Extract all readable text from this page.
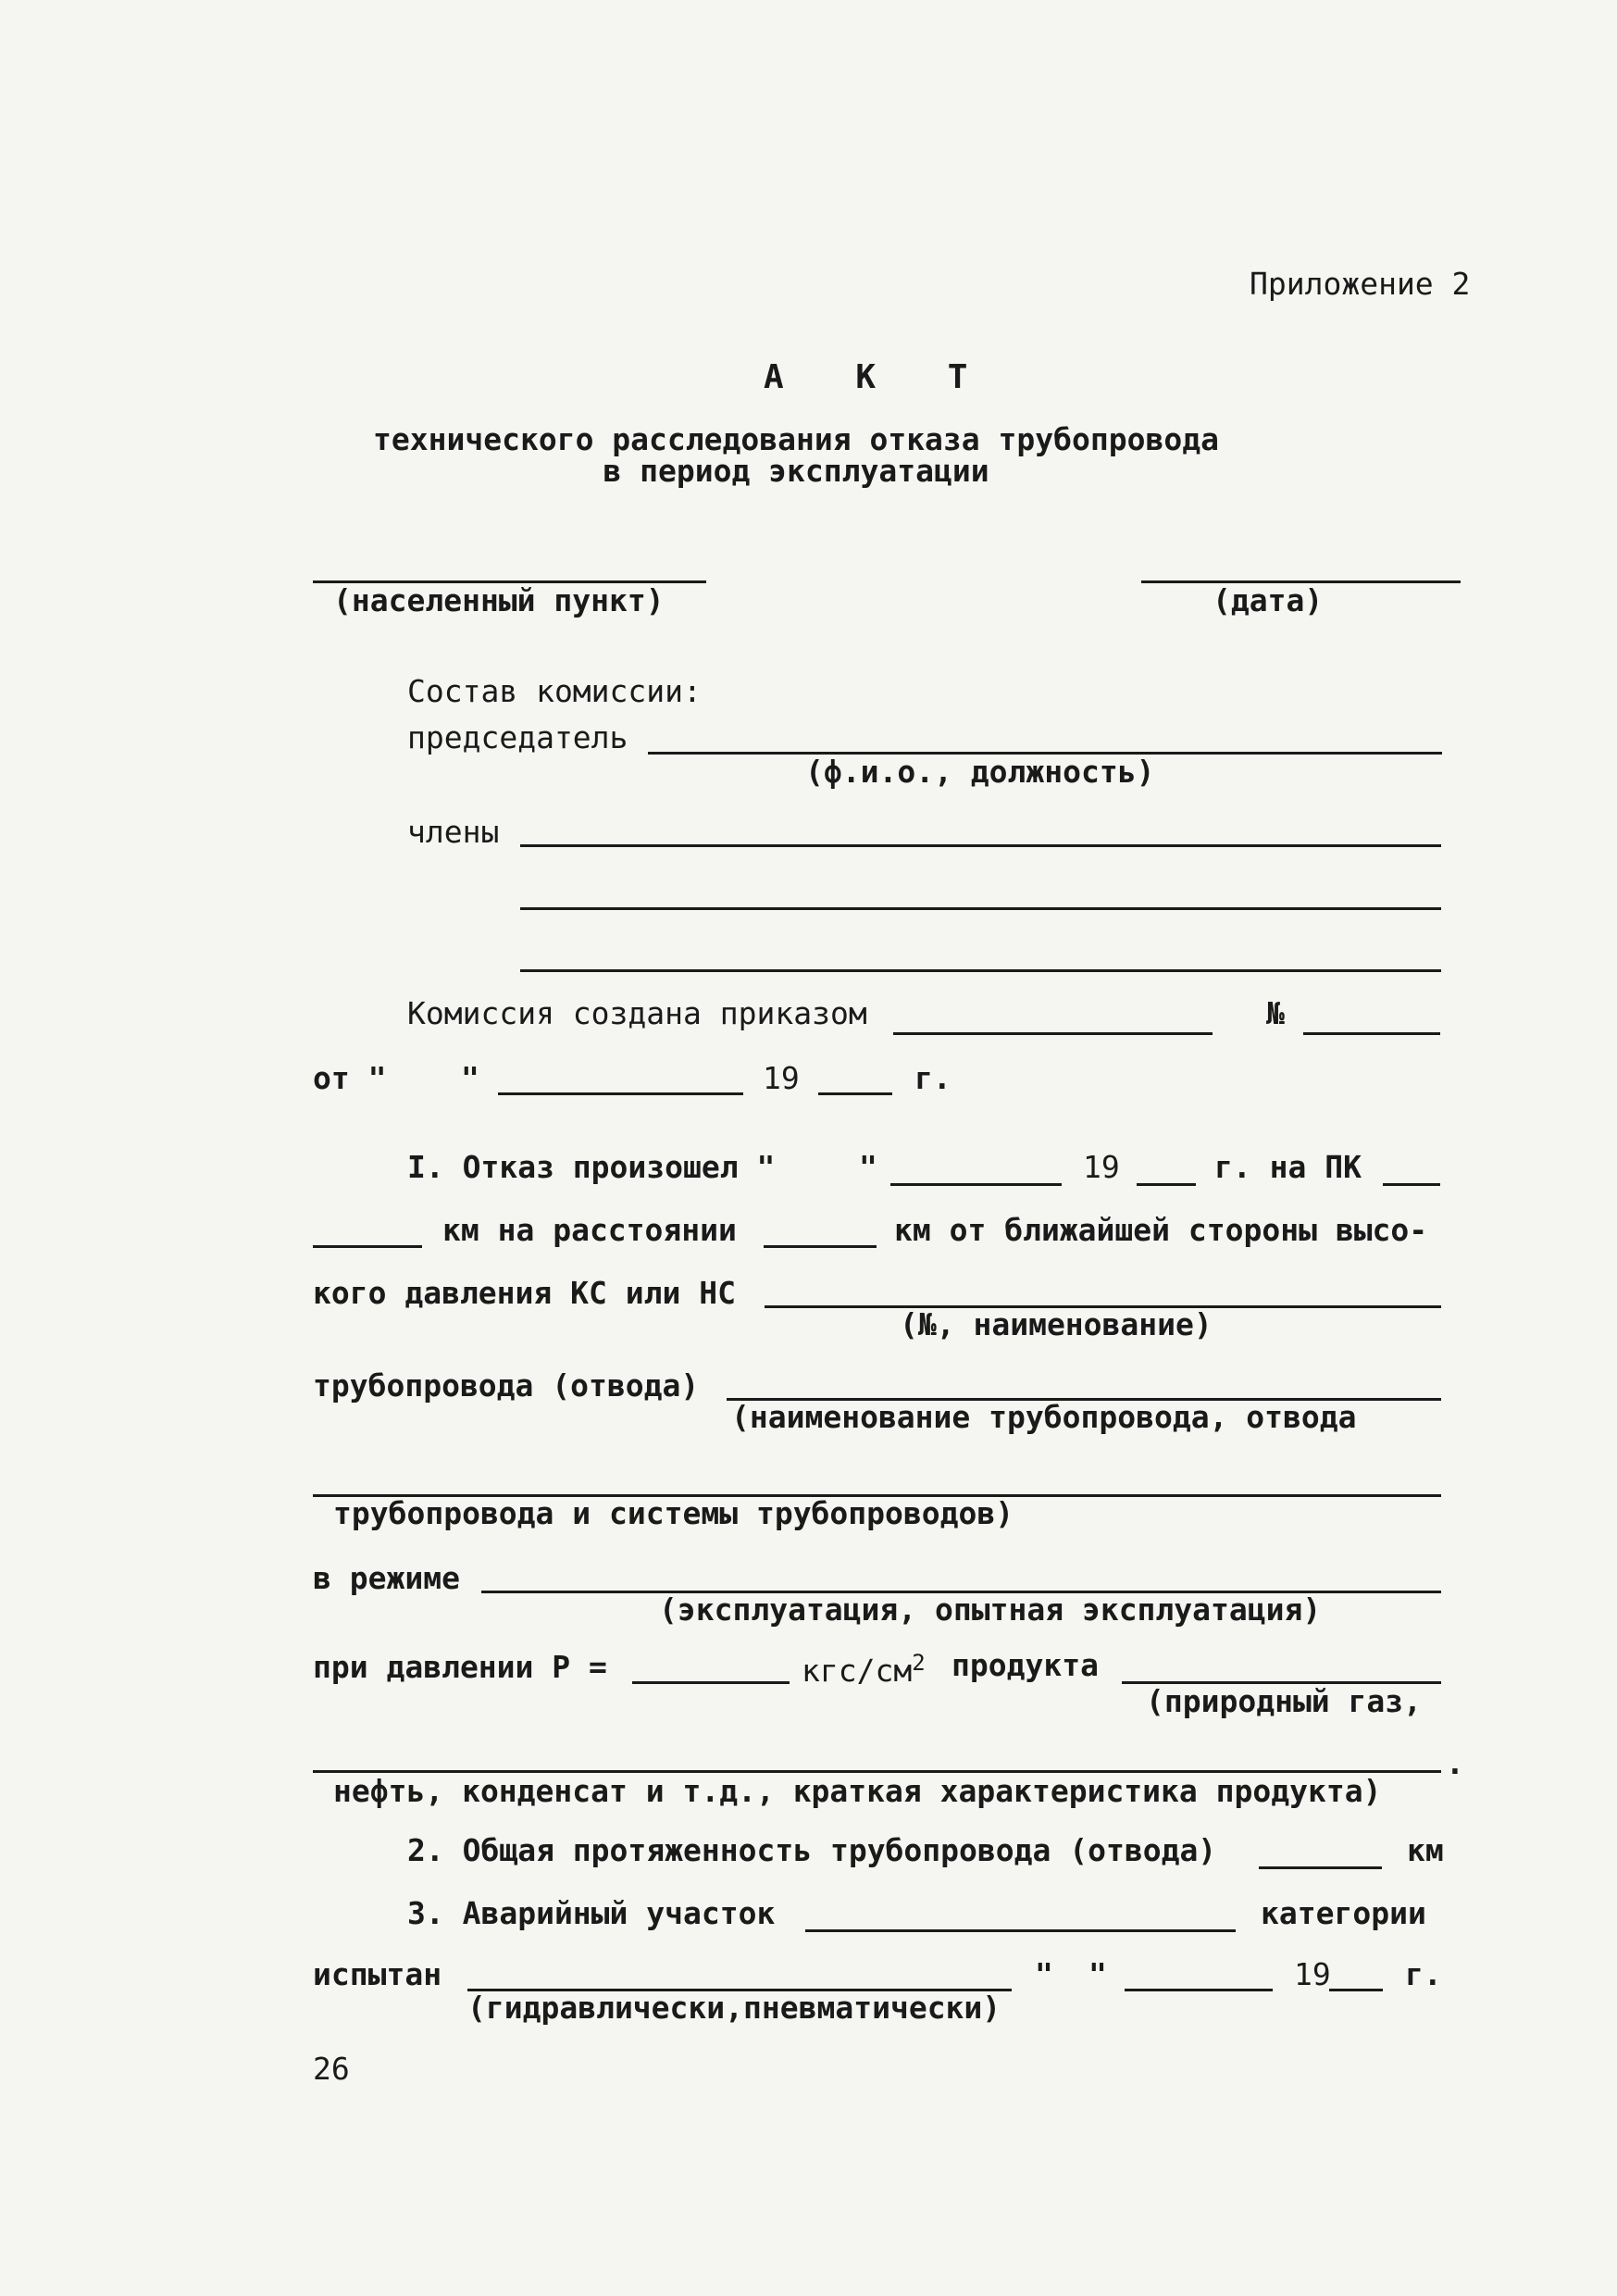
Приложение 2
А К Т
технического расследования отказа трубопровода
в период эксплуатации
(населенный пункт)	(дата)
Состав комиссии:
председатель
(ф.и.о., должность)
члены
Комиссия создана приказом	№
от " "	19	г.
I. Отказ произошел "	"	19	г. на ПК
км на расстоянии	км от ближайшей стороны высо-
кого давления КС или НС
(№, наименование)
трубопровода (отвода)
(наименование трубопровода, отвода
трубопровода и системы трубопроводов)
в режиме
(эксплуатация, опытная эксплуатация)
при давлении Р =	кгс/$см^2$ продукта
(природный газ,
.
нефть, конденсат и т.д., краткая характеристика продукта)
2. Общая протяженность трубопровода (отвода)	км
3. Аварийный участок	категории
испытан
(гидравлически,пневматически)
" "	19 г.
26
